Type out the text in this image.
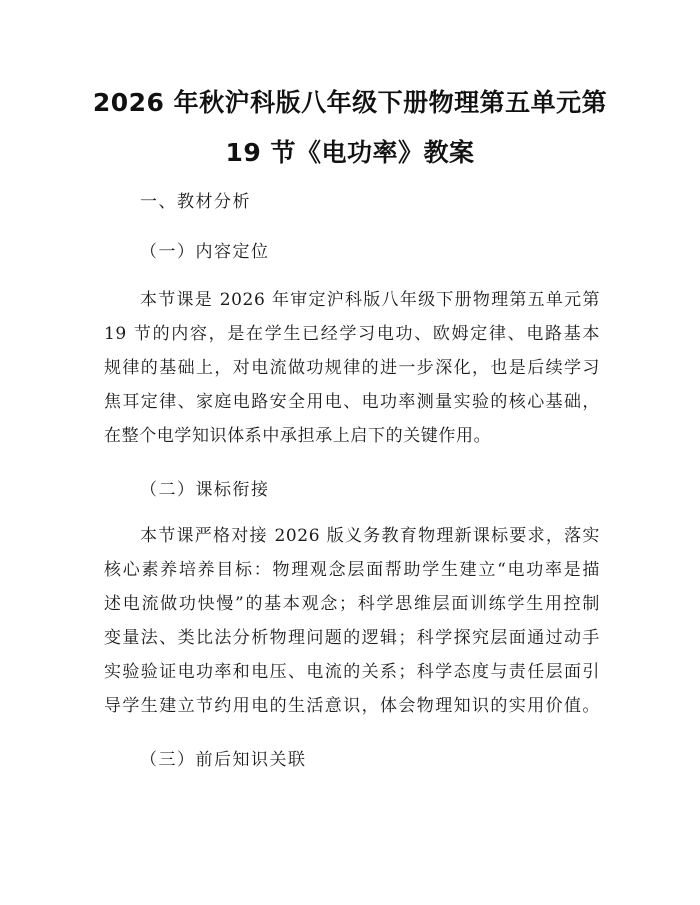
2026 年秋沪科版八年级下册物理第五单元第
19 节《电功率》教案
一、教材分析
（一）内容定位
本节课是 2026 年审定沪科版八年级下册物理第五单元第
19 节的内容，是在学生已经学习电功、欧姆定律、电路基本
规律的基础上，对电流做功规律的进一步深化，也是后续学习
焦耳定律、家庭电路安全用电、电功率测量实验的核心基础，
在整个电学知识体系中承担承上启下的关键作用。
（二）课标衔接
本节课严格对接 2026 版义务教育物理新课标要求，落实
核心素养培养目标：物理观念层面帮助学生建立“电功率是描
述电流做功快慢”的基本观念；科学思维层面训练学生用控制
变量法、类比法分析物理问题的逻辑；科学探究层面通过动手
实验验证电功率和电压、电流的关系；科学态度与责任层面引
导学生建立节约用电的生活意识，体会物理知识的实用价值。
（三）前后知识关联
